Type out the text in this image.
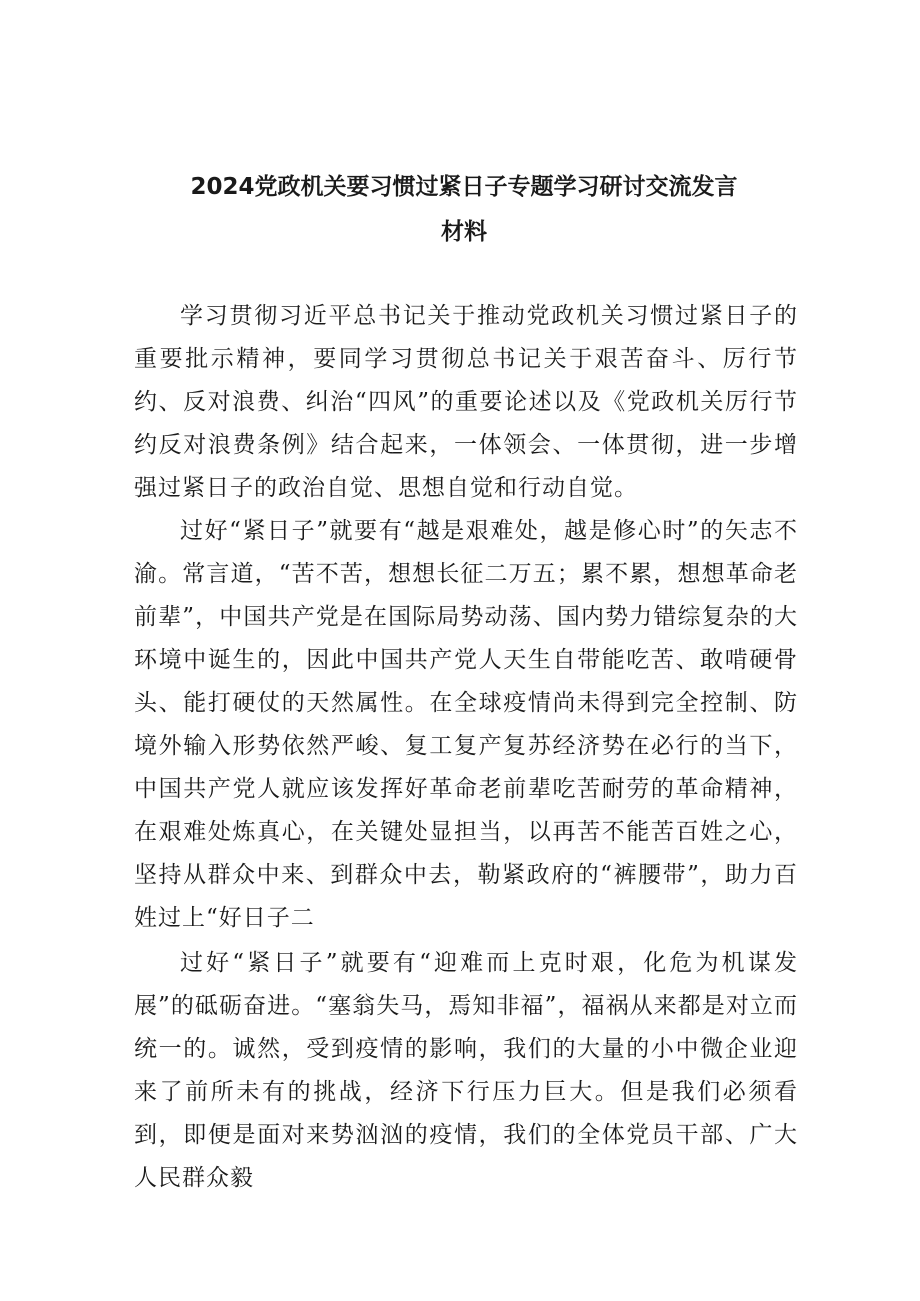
2024党政机关要习惯过紧日子专题学习研讨交流发言
材料

学习贯彻习近平总书记关于推动党政机关习惯过紧日子的重要批示精神，要同学习贯彻总书记关于艰苦奋斗、厉行节约、反对浪费、纠治“四风”的重要论述以及《党政机关厉行节约反对浪费条例》结合起来，一体领会、一体贯彻，进一步增强过紧日子的政治自觉、思想自觉和行动自觉。

过好“紧日子”就要有“越是艰难处，越是修心时”的矢志不渝。常言道，“苦不苦，想想长征二万五；累不累，想想革命老前辈”，中国共产党是在国际局势动荡、国内势力错综复杂的大环境中诞生的，因此中国共产党人天生自带能吃苦、敢啃硬骨头、能打硬仗的天然属性。在全球疫情尚未得到完全控制、防境外输入形势依然严峻、复工复产复苏经济势在必行的当下，中国共产党人就应该发挥好革命老前辈吃苦耐劳的革命精神，在艰难处炼真心，在关键处显担当，以再苦不能苦百姓之心，坚持从群众中来、到群众中去，勒紧政府的“裤腰带”，助力百姓过上“好日子二

过好“紧日子”就要有“迎难而上克时艰，化危为机谋发展”的砥砺奋进。“塞翁失马，焉知非福”，福祸从来都是对立而统一的。诚然，受到疫情的影响，我们的大量的小中微企业迎来了前所未有的挑战，经济下行压力巨大。但是我们必须看到，即便是面对来势汹汹的疫情，我们的全体党员干部、广大人民群众毅
